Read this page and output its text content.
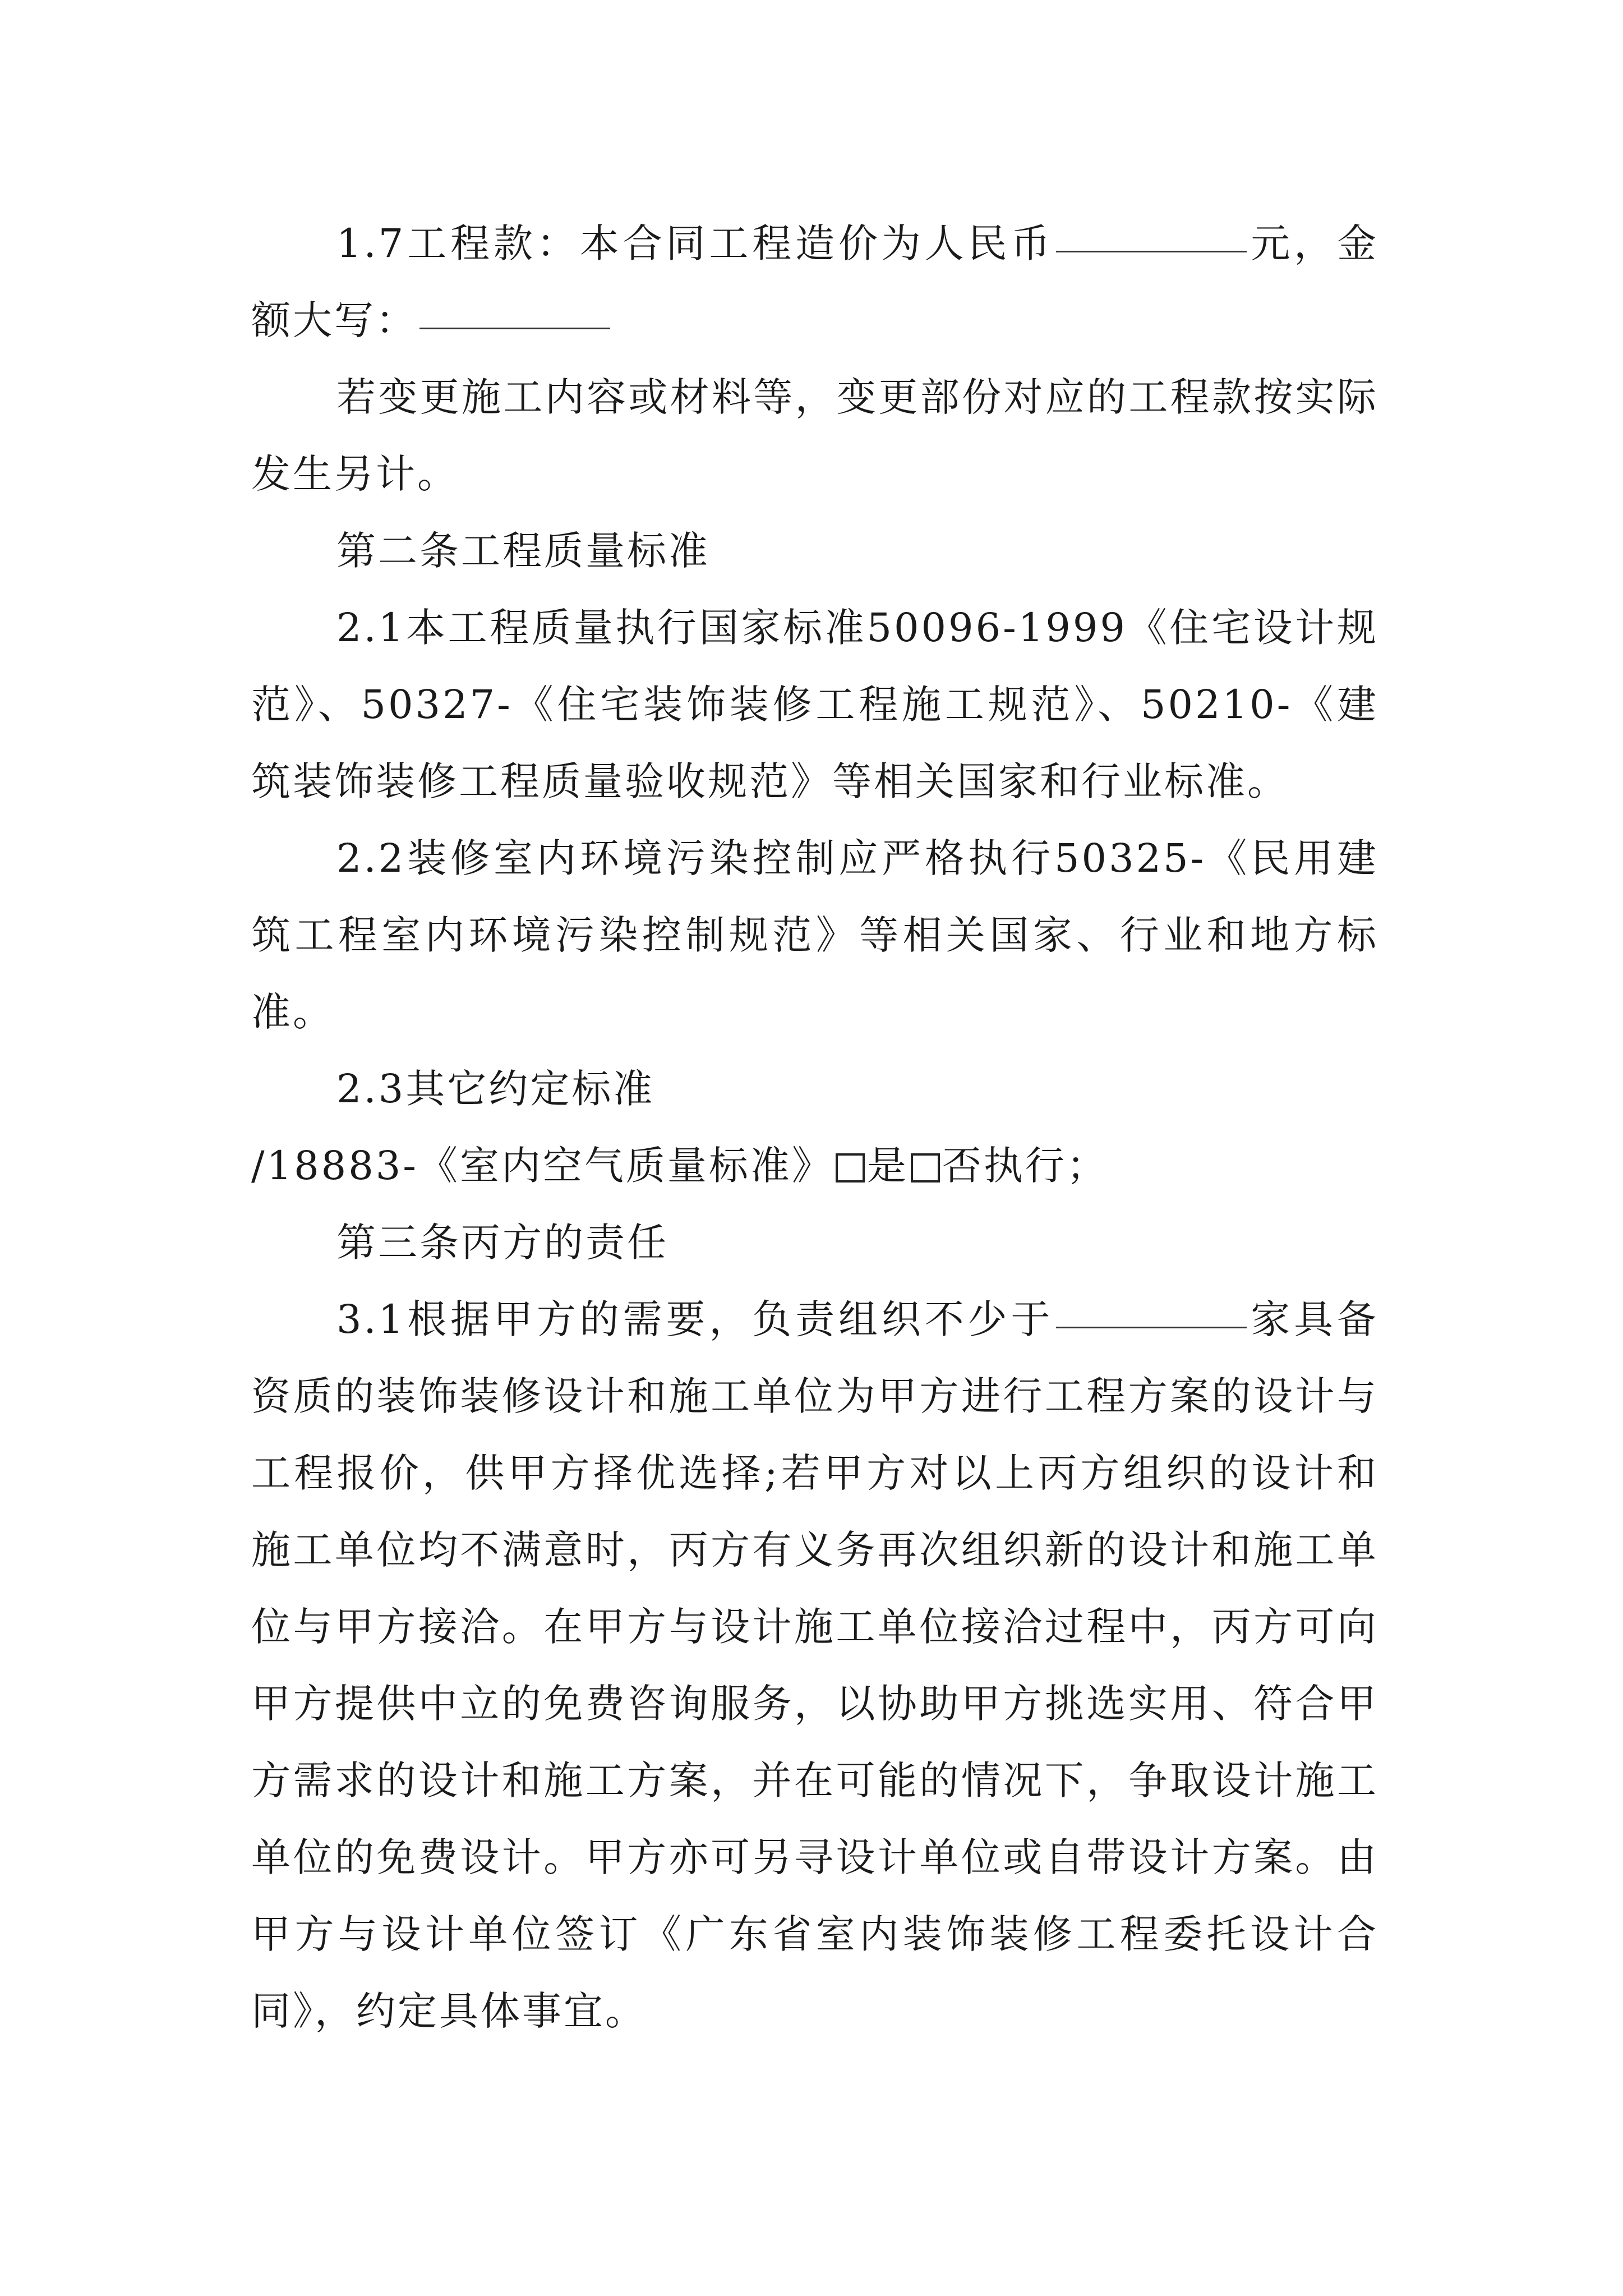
1.7工程款：本合同工程造价为人民币	元，金额大写：

若变更施工内容或材料等，变更部份对应的工程款按实际发生另计。

第二条工程质量标准

2.1本工程质量执行国家标准50096-1999《住宅设计规范》、50327-《住宅装饰装修工程施工规范》、50210-《建筑装饰装修工程质量验收规范》等相关国家和行业标准。

2.2装修室内环境污染控制应严格执行50325-《民用建筑工程室内环境污染控制规范》等相关国家、行业和地方标准。

2.3其它约定标准

/18883-《室内空气质量标准》 是 否执行；

第三条丙方的责任

3.1根据甲方的需要，负责组织不少于	家具备资质的装饰装修设计和施工单位为甲方进行工程方案的设计与工程报价，供甲方择优选择;若甲方对以上丙方组织的设计和施工单位均不满意时，丙方有义务再次组织新的设计和施工单位与甲方接洽。在甲方与设计施工单位接洽过程中，丙方可向甲方提供中立的免费咨询服务，以协助甲方挑选实用、符合甲方需求的设计和施工方案，并在可能的情况下，争取设计施工单位的免费设计。甲方亦可另寻设计单位或自带设计方案。由甲方与设计单位签订《广东省室内装饰装修工程委托设计合同》，约定具体事宜。
